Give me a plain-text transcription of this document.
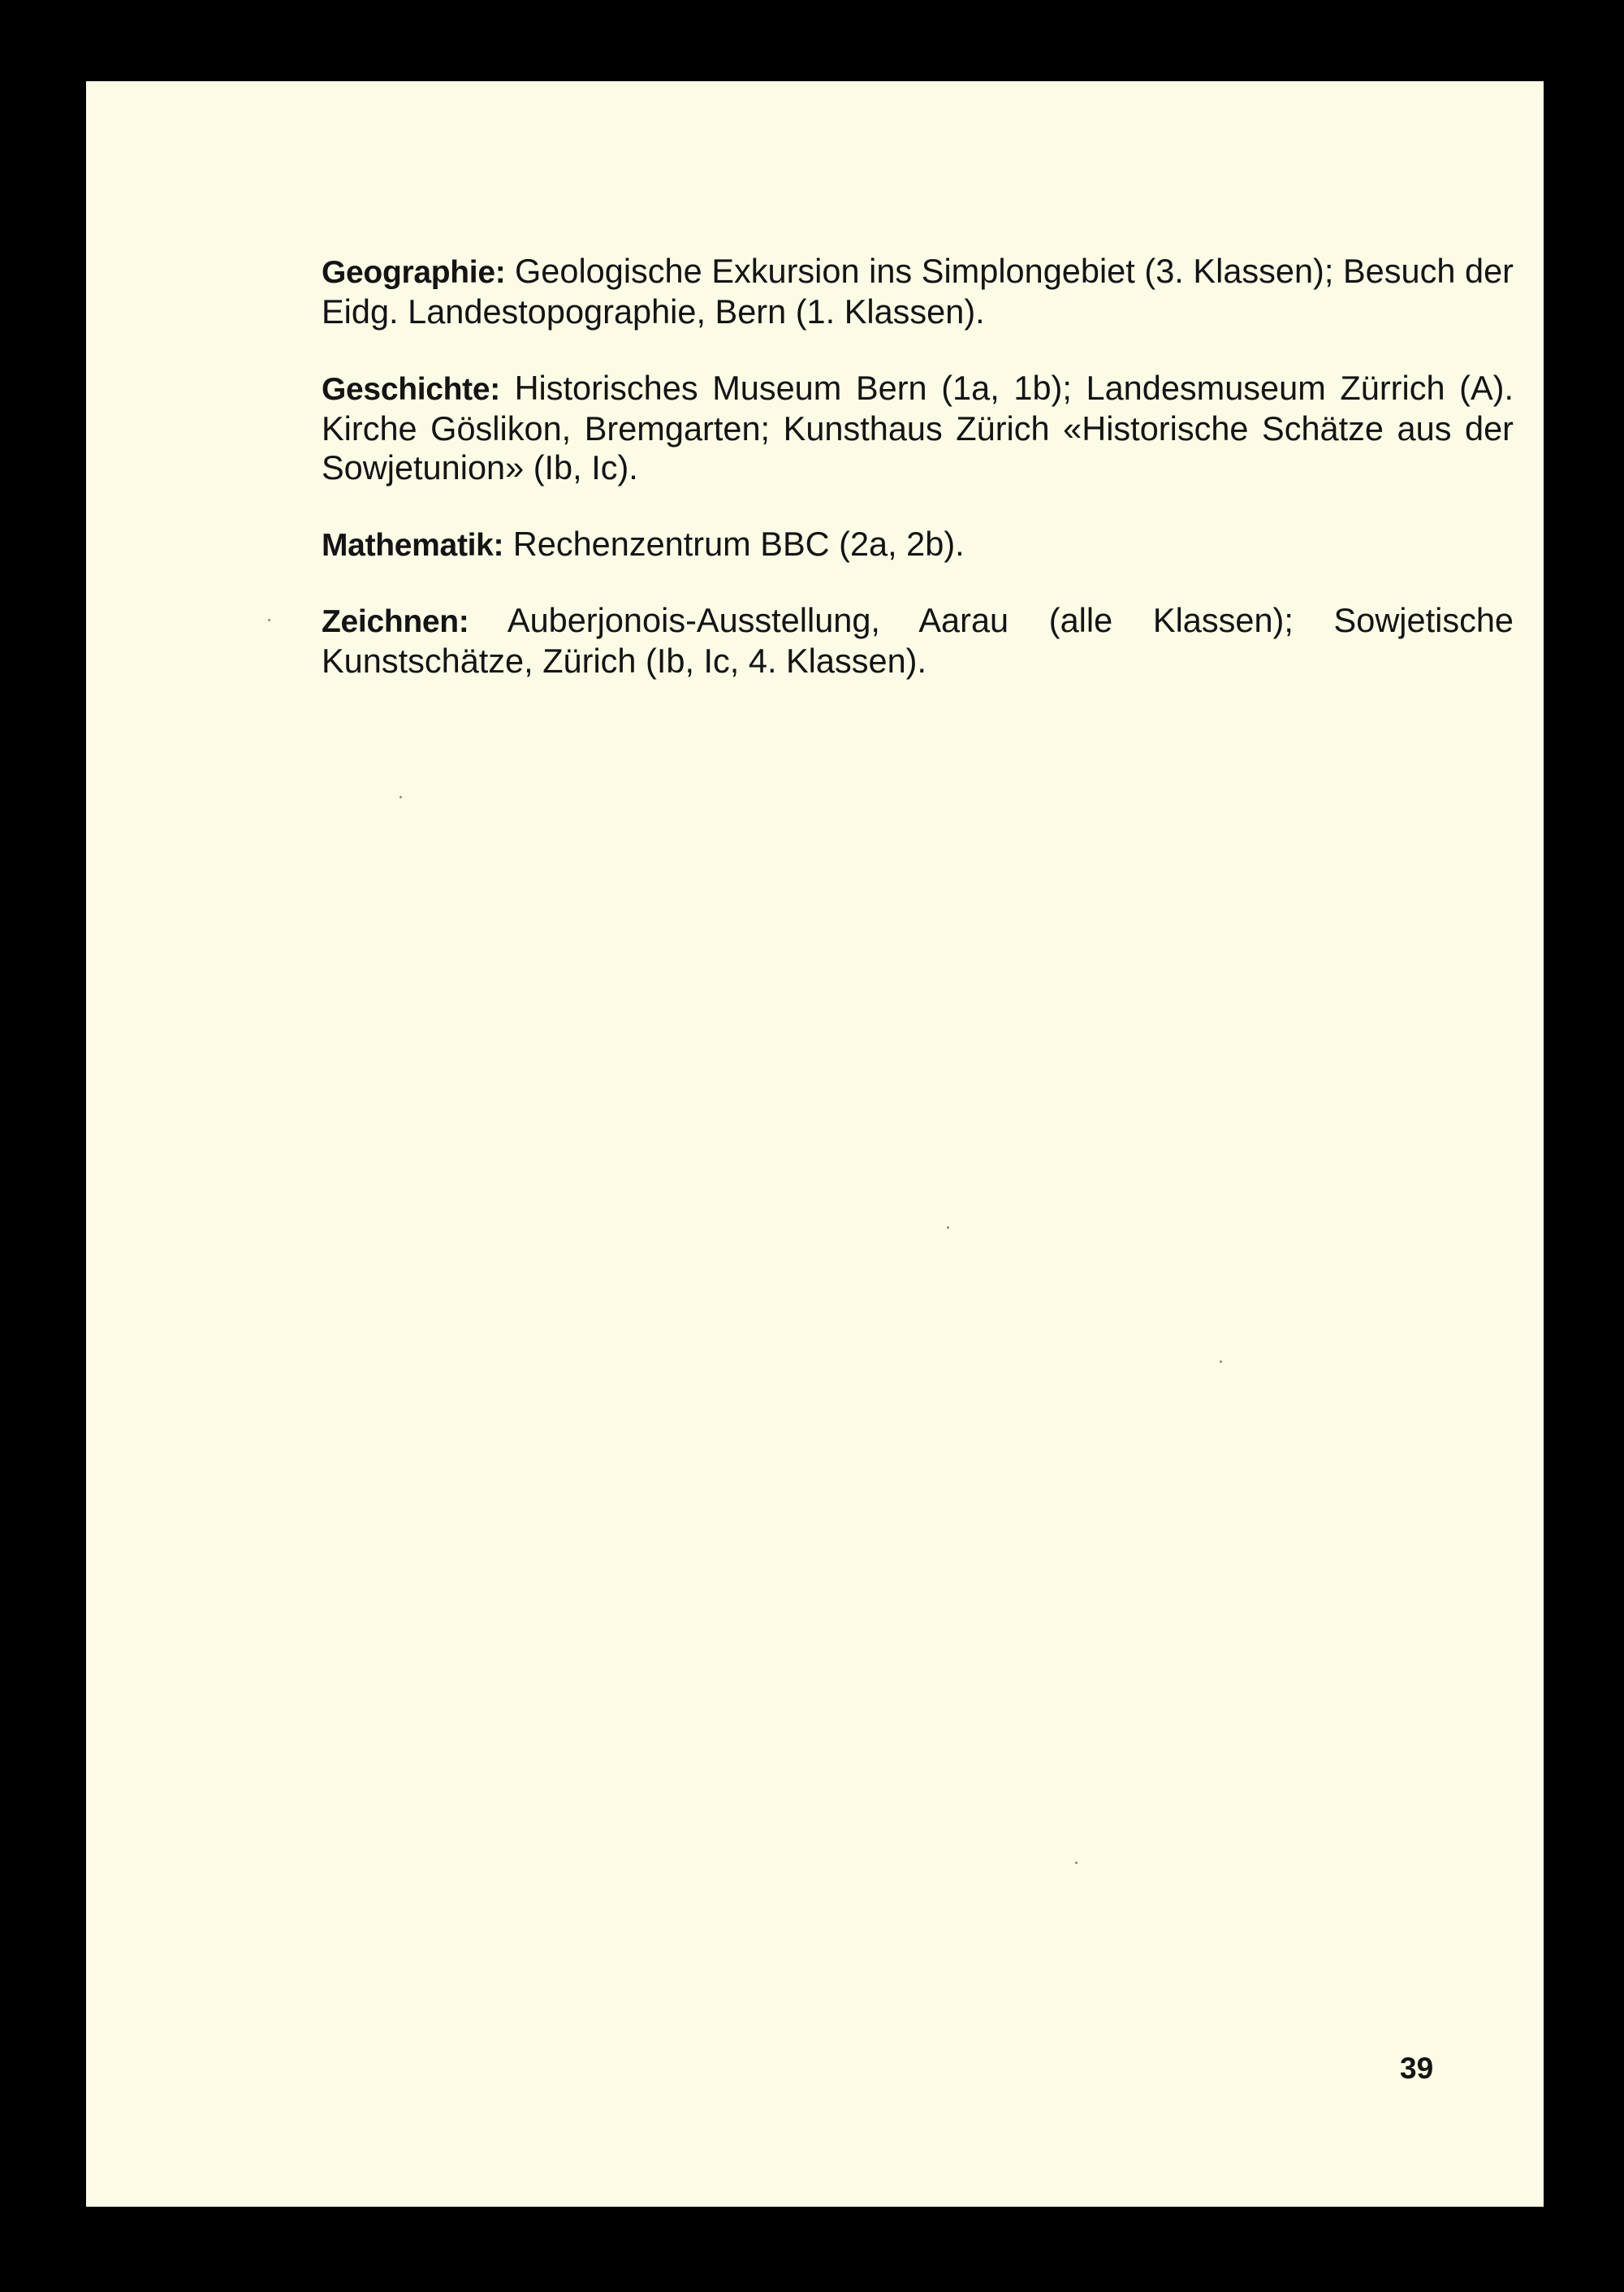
Geographie: Geologische Exkursion ins Simplongebiet (3. Klassen); Besuch der Eidg. Landestopographie, Bern (1. Klassen).

Geschichte: Historisches Museum Bern (1a, 1b); Landesmuseum Zürrich (A). Kirche Göslikon, Bremgarten; Kunsthaus Zürich «Historische Schätze aus der Sowjetunion» (Ib, Ic).

Mathematik: Rechenzentrum BBC (2a, 2b).

Zeichnen: Auberjonois-Ausstellung, Aarau (alle Klassen); Sowjetische Kunstschätze, Zürich (Ib, Ic, 4. Klassen).

39
